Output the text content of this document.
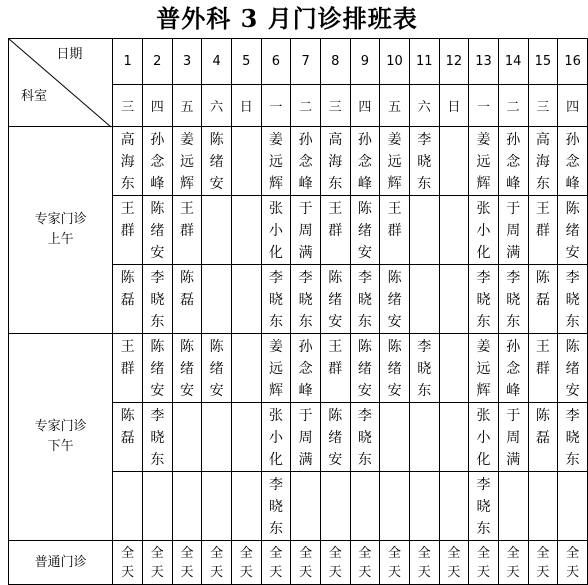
普外科 3 月门诊排班表
日期
科室	1	2	3	4	5	6	7	8	9	10	11	12	13	14	15	16
	三	四	五	六	日	一	二	三	四	五	六	日	一	二	三	四

专家门诊
上午	高海东	孙念峰	姜远辉	陈绪安		姜远辉	孙念峰	高海东	孙念峰	姜远辉	李晓东		姜远辉	孙念峰	高海东	孙念峰
	王群	陈绪安	王群			张小化	于周满	王群	陈绪安	王群			张小化	于周满	王群	陈绪安
	陈磊	李晓东	陈磊			李晓东	李晓东	陈绪安	李晓东	陈绪安			李晓东	李晓东	陈磊	李晓东

专家门诊
下午	王群	陈绪安	陈绪安	陈绪安		姜远辉	孙念峰	王群	陈绪安	陈绪安	李晓东		姜远辉	孙念峰	王群	陈绪安
	陈磊	李晓东				张小化	于周满	陈绪安	李晓东				张小化	于周满	陈磊	李晓东
						李晓东							李晓东			
普通门诊	全天	全天	全天	全天	全天	全天	全天	全天	全天	全天	全天	全天	全天	全天	全天	全天
